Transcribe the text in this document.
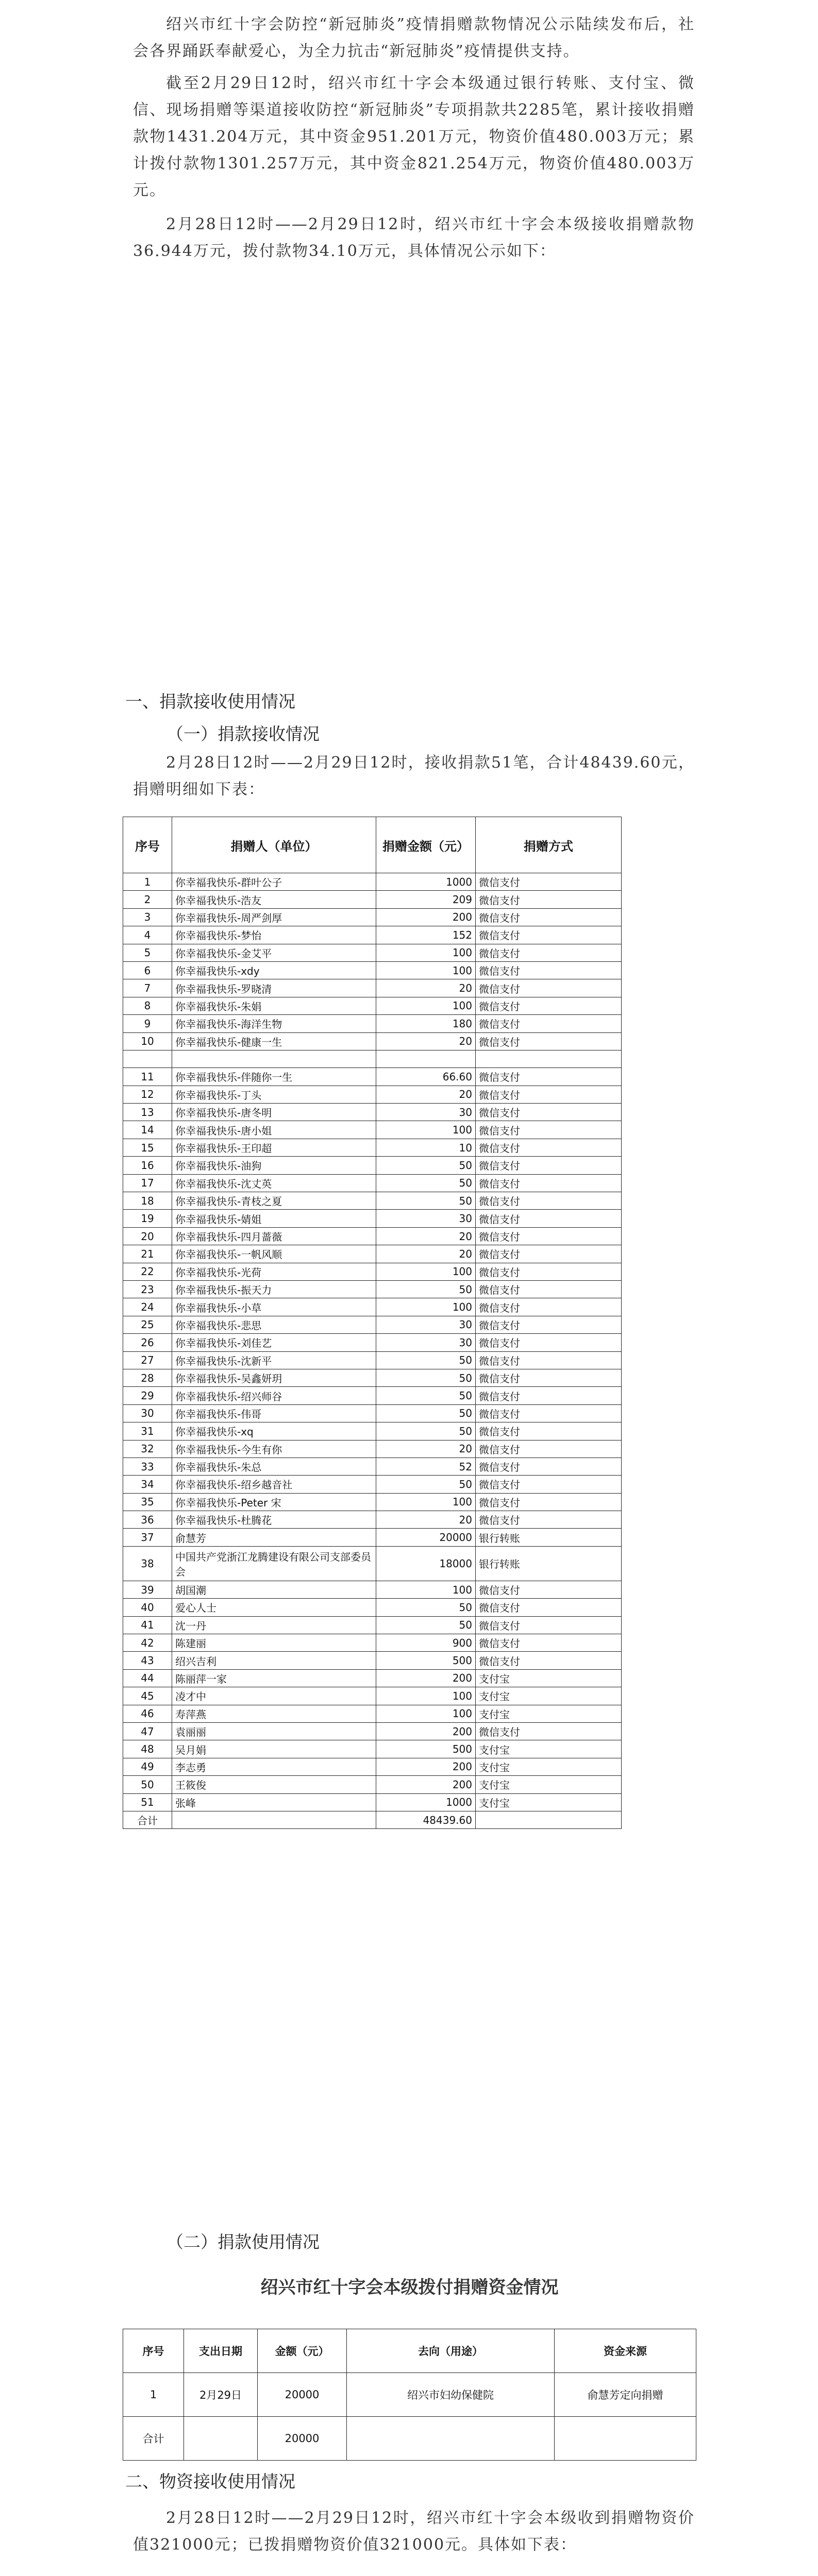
绍兴市红十字会防控“新冠肺炎”疫情捐赠款物情况公示陆续发布后，社会各界踊跃奉献爱心，为全力抗击“新冠肺炎”疫情提供支持。

截至2月29日12时，绍兴市红十字会本级通过银行转账、支付宝、微信、现场捐赠等渠道接收防控“新冠肺炎”专项捐款共2285笔，累计接收捐赠款物1431.204万元，其中资金951.201万元，物资价值480.003万元；累计拨付款物1301.257万元，其中资金821.254万元，物资价值480.003万元。

2月28日12时——2月29日12时，绍兴市红十字会本级接收捐赠款物36.944万元，拨付款物34.10万元，具体情况公示如下：

一、捐款接收使用情况
（一）捐款接收情况

2月28日12时——2月29日12时，接收捐款51笔，合计48439.60元，捐赠明细如下表：

序号	捐赠人（单位）	捐赠金额（元）	捐赠方式
1	你幸福我快乐-群叶公子	1000	微信支付
2	你幸福我快乐-浩友	209	微信支付
3	你幸福我快乐-周严剑厚	200	微信支付
4	你幸福我快乐-梦怡	152	微信支付
5	你幸福我快乐-金艾平	100	微信支付
6	你幸福我快乐-xdy	100	微信支付
7	你幸福我快乐-罗晓清	20	微信支付
8	你幸福我快乐-朱娟	100	微信支付
9	你幸福我快乐-海洋生物	180	微信支付
10	你幸福我快乐-健康一生	20	微信支付

11	你幸福我快乐-伴随你一生	66.60	微信支付
12	你幸福我快乐-丁头	20	微信支付
13	你幸福我快乐-唐冬明	30	微信支付
14	你幸福我快乐-唐小姐	100	微信支付
15	你幸福我快乐-王印超	10	微信支付
16	你幸福我快乐-油狗	50	微信支付
17	你幸福我快乐-沈丈英	50	微信支付
18	你幸福我快乐-青枝之夏	50	微信支付
19	你幸福我快乐-婧姐	30	微信支付
20	你幸福我快乐-四月蔷薇	20	微信支付
21	你幸福我快乐-一帆风顺	20	微信支付
22	你幸福我快乐-光荷	100	微信支付
23	你幸福我快乐-振天力	50	微信支付
24	你幸福我快乐-小草	100	微信支付
25	你幸福我快乐-悲思	30	微信支付
26	你幸福我快乐-刘佳艺	30	微信支付
27	你幸福我快乐-沈新平	50	微信支付
28	你幸福我快乐-吴鑫妍玥	50	微信支付
29	你幸福我快乐-绍兴师谷	50	微信支付
30	你幸福我快乐-伟哥	50	微信支付
31	你幸福我快乐-xq	50	微信支付
32	你幸福我快乐-今生有你	20	微信支付
33	你幸福我快乐-朱总	52	微信支付
34	你幸福我快乐-绍乡越音社	50	微信支付
35	你幸福我快乐-Peter 宋	100	微信支付
36	你幸福我快乐-杜腾花	20	微信支付
37	俞慧芳	20000	银行转账
38	中国共产党浙江龙腾建设有限公司支部委员会	18000	银行转账
39	胡国潮	100	微信支付
40	爱心人士	50	微信支付
41	沈一丹	50	微信支付
42	陈建丽	900	微信支付
43	绍兴吉利	500	微信支付
44	陈丽萍一家	200	支付宝
45	凌才中	100	支付宝
46	寿萍燕	100	支付宝
47	袁丽丽	200	微信支付
48	吴月娟	500	支付宝
49	李志勇	200	支付宝
50	王筱俊	200	支付宝
51	张峰	1000	支付宝
合计		48439.60	
（二）捐款使用情况
绍兴市红十字会本级拨付捐赠资金情况
序号	支出日期	金额（元）	去向（用途）	资金来源
1	2月29日	20000	绍兴市妇幼保健院	俞慧芳定向捐赠
合计		20000		
二、物资接收使用情况

2月28日12时——2月29日12时，绍兴市红十字会本级收到捐赠物资价值321000元；已拨捐赠物资价值321000元。具体如下表：
